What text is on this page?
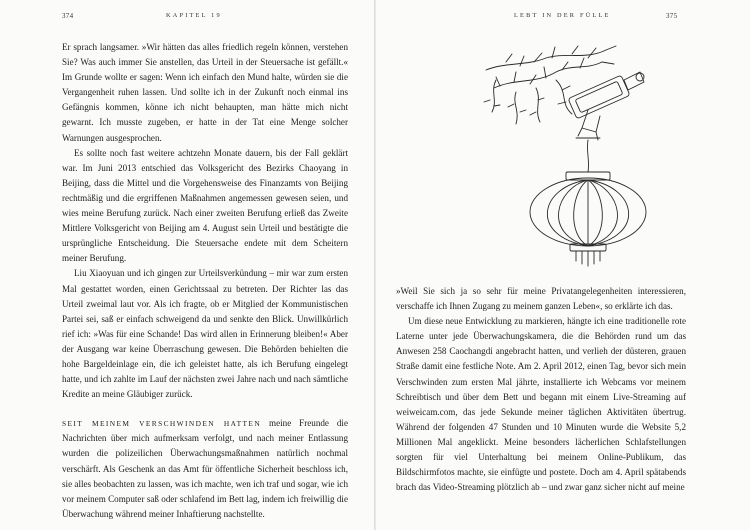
374	KAPITEL 19

Er sprach langsamer. »Wir hätten das alles friedlich regeln können, verstehen Sie? Was auch immer Sie anstellen, das Urteil in der Steuersache ist gefällt.« Im Grunde wollte er sagen: Wenn ich einfach den Mund halte, würden sie die Vergangenheit ruhen lassen. Und sollte ich in der Zukunft noch einmal ins Gefängnis kommen, könne ich nicht behaupten, man hätte mich nicht gewarnt. Ich musste zugeben, er hatte in der Tat eine Menge solcher Warnungen ausgesprochen.

Es sollte noch fast weitere achtzehn Monate dauern, bis der Fall geklärt war. Im Juni 2013 entschied das Volksgericht des Bezirks Chaoyang in Beijing, dass die Mittel und die Vorgehensweise des Finanzamts von Beijing rechtmäßig und die ergriffenen Maßnahmen angemessen gewesen seien, und wies meine Berufung zurück. Nach einer zweiten Berufung erließ das Zweite Mittlere Volksgericht von Beijing am 4. August sein Urteil und bestätigte die ursprüngliche Entscheidung. Die Steuersache endete mit dem Scheitern meiner Berufung.

Liu Xiaoyuan und ich gingen zur Urteilsverkündung – mir war zum ersten Mal gestattet worden, einen Gerichtssaal zu betreten. Der Richter las das Urteil zweimal laut vor. Als ich fragte, ob er Mitglied der Kommunistischen Partei sei, saß er einfach schweigend da und senkte den Blick. Unwillkürlich rief ich: »Was für eine Schande! Das wird allen in Erinnerung bleiben!« Aber der Ausgang war keine Überraschung gewesen. Die Behörden behielten die hohe Bargeldeinlage ein, die ich geleistet hatte, als ich Berufung eingelegt hatte, und ich zahlte im Lauf der nächsten zwei Jahre nach und nach sämtliche Kredite an meine Gläubiger zurück.

SEIT MEINEM VERSCHWINDEN HATTEN meine Freunde die Nachrichten über mich aufmerksam verfolgt, und nach meiner Entlassung wurden die polizeilichen Überwachungsmaßnahmen natürlich nochmal verschärft. Als Geschenk an das Amt für öffentliche Sicherheit beschloss ich, sie alles beobachten zu lassen, was ich machte, wen ich traf und sogar, wie ich vor meinem Computer saß oder schlafend im Bett lag, indem ich freiwillig die Überwachung während meiner Inhaftierung nachstellte.

LEBT IN DER FÜLLE	375

»Weil Sie sich ja so sehr für meine Privatangelegenheiten interessieren, verschaffe ich Ihnen Zugang zu meinem ganzen Leben«, so erklärte ich das.

Um diese neue Entwicklung zu markieren, hängte ich eine traditionelle rote Laterne unter jede Überwachungskamera, die die Behörden rund um das Anwesen 258 Caochangdi angebracht hatten, und verlieh der düsteren, grauen Straße damit eine festliche Note. Am 2. April 2012, einen Tag, bevor sich mein Verschwinden zum ersten Mal jährte, installierte ich Webcams vor meinem Schreibtisch und über dem Bett und begann mit einem Live-Streaming auf weiweicam.com, das jede Sekunde meiner täglichen Aktivitäten übertrug. Während der folgenden 47 Stunden und 10 Minuten wurde die Website 5,2 Millionen Mal angeklickt. Meine besonders lächerlichen Schlafstellungen sorgten für viel Unterhaltung bei meinem Online-Publikum, das Bildschirmfotos machte, sie einfügte und postete. Doch am 4. April spätabends brach das Video-Streaming plötzlich ab – und zwar ganz sicher nicht auf meine
